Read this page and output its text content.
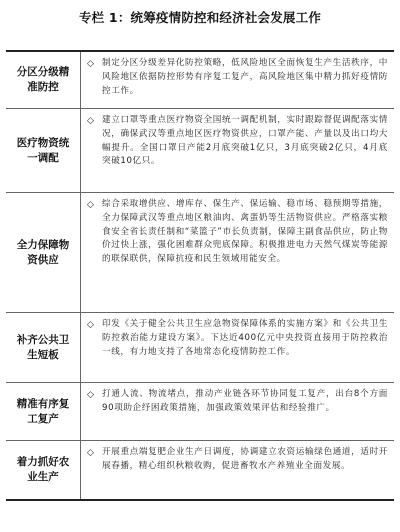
专栏 1：统筹疫情防控和经济社会发展工作
分区分级精准防控
◇ 制定分区分级差异化防控策略，低风险地区全面恢复生产生活秩序，中风险地区依据防控形势有序复工复产，高风险地区集中精力抓好疫情防控工作。
医疗物资统一调配
◇ 建立口罩等重点医疗物资全国统一调配机制，实时跟踪督促调配落实情况，确保武汉等重点地区医疗物资供应，口罩产能、产量以及出口均大幅提升。全国口罩日产能2月底突破1亿只，3月底突破2亿只，4月底突破10亿只。
全力保障物资供应
◇ 综合采取增供应、增库存、保生产、保运输、稳市场、稳预期等措施，全力保障武汉等重点地区粮油肉、禽蛋奶等生活物资供应。严格落实粮食安全省长责任制和“菜篮子”市长负责制，保障主副食品供应，防止物价过快上涨，强化困难群众兜底保障。积极推进电力天然气煤炭等能源的联保联供，保障抗疫和民生领域用能安全。
补齐公共卫生短板
◇ 印发《关于健全公共卫生应急物资保障体系的实施方案》和《公共卫生防控救治能力建设方案》。下达近400亿元中央投资直接用于防控救治一线，有力地支持了各地常态化疫情防控工作。
精准有序复工复产
◇ 打通人流、物流堵点，推动产业链各环节协同复工复产，出台8个方面90项助企纾困政策措施，加强政策效果评估和经验推广。
着力抓好农业生产
◇ 开展重点端复肥企业生产日调度，协调建立农资运输绿色通道，适时开展春播，精心组织秋粮收购，促进畜牧水产养殖业全面发展。
